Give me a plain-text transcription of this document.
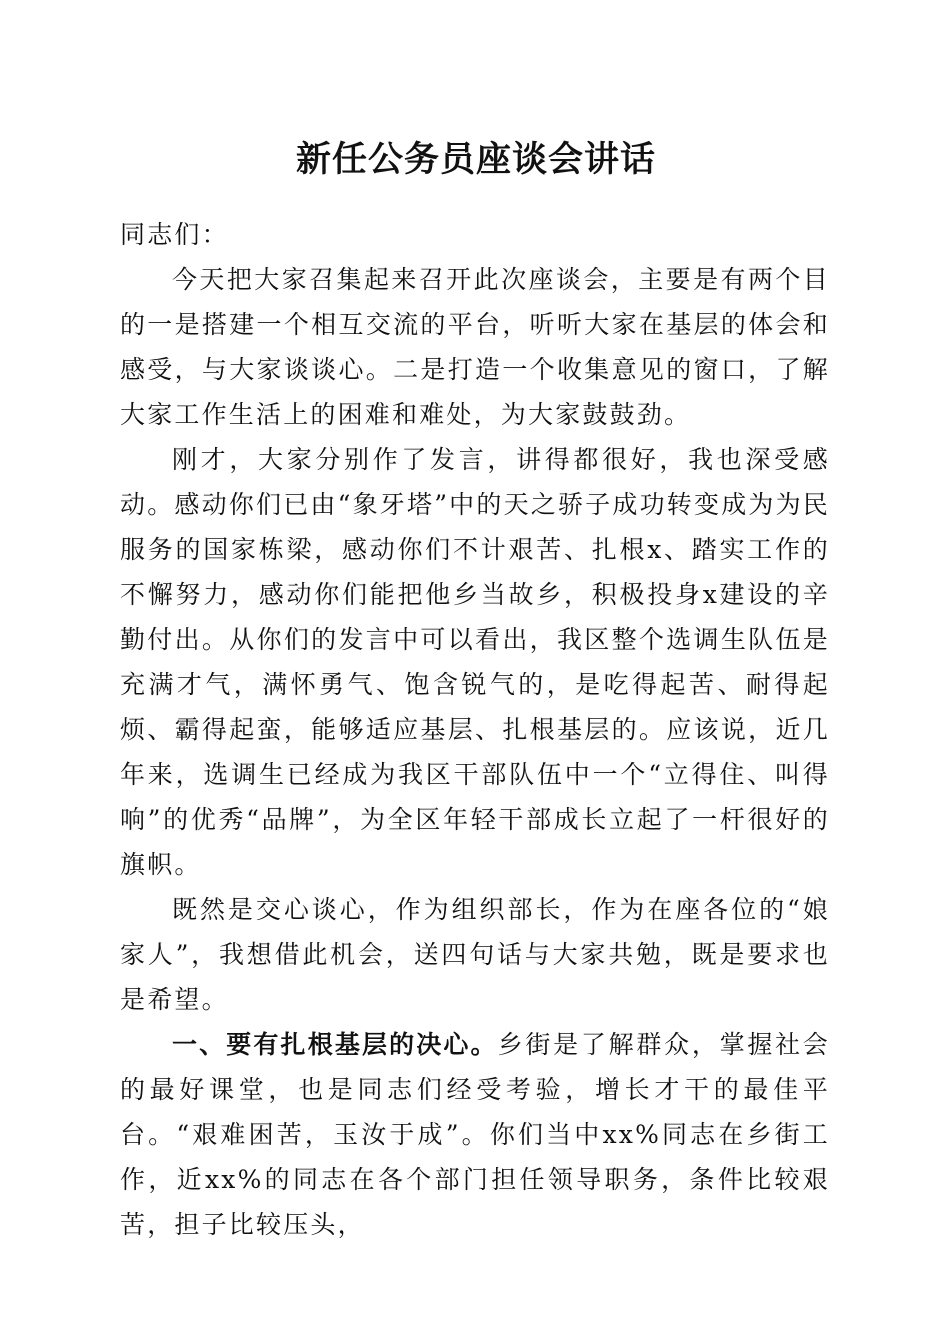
新任公务员座谈会讲话

同志们：

今天把大家召集起来召开此次座谈会，主要是有两个目的一是搭建一个相互交流的平台，听听大家在基层的体会和感受，与大家谈谈心。二是打造一个收集意见的窗口，了解大家工作生活上的困难和难处，为大家鼓鼓劲。

刚才，大家分别作了发言，讲得都很好，我也深受感动。感动你们已由“象牙塔”中的天之骄子成功转变成为为民服务的国家栋梁，感动你们不计艰苦、扎根x、踏实工作的不懈努力，感动你们能把他乡当故乡，积极投身x建设的辛勤付出。从你们的发言中可以看出，我区整个选调生队伍是充满才气，满怀勇气、饱含锐气的，是吃得起苦、耐得起烦、霸得起蛮，能够适应基层、扎根基层的。应该说，近几年来，选调生已经成为我区干部队伍中一个“立得住、叫得响”的优秀“品牌”，为全区年轻干部成长立起了一杆很好的旗帜。

既然是交心谈心，作为组织部长，作为在座各位的“娘家人”，我想借此机会，送四句话与大家共勉，既是要求也是希望。

一、要有扎根基层的决心。乡街是了解群众，掌握社会的最好课堂，也是同志们经受考验，增长才干的最佳平台。“艰难困苦，玉汝于成”。你们当中xx%同志在乡街工作，近xx%的同志在各个部门担任领导职务，条件比较艰苦，担子比较压头，
